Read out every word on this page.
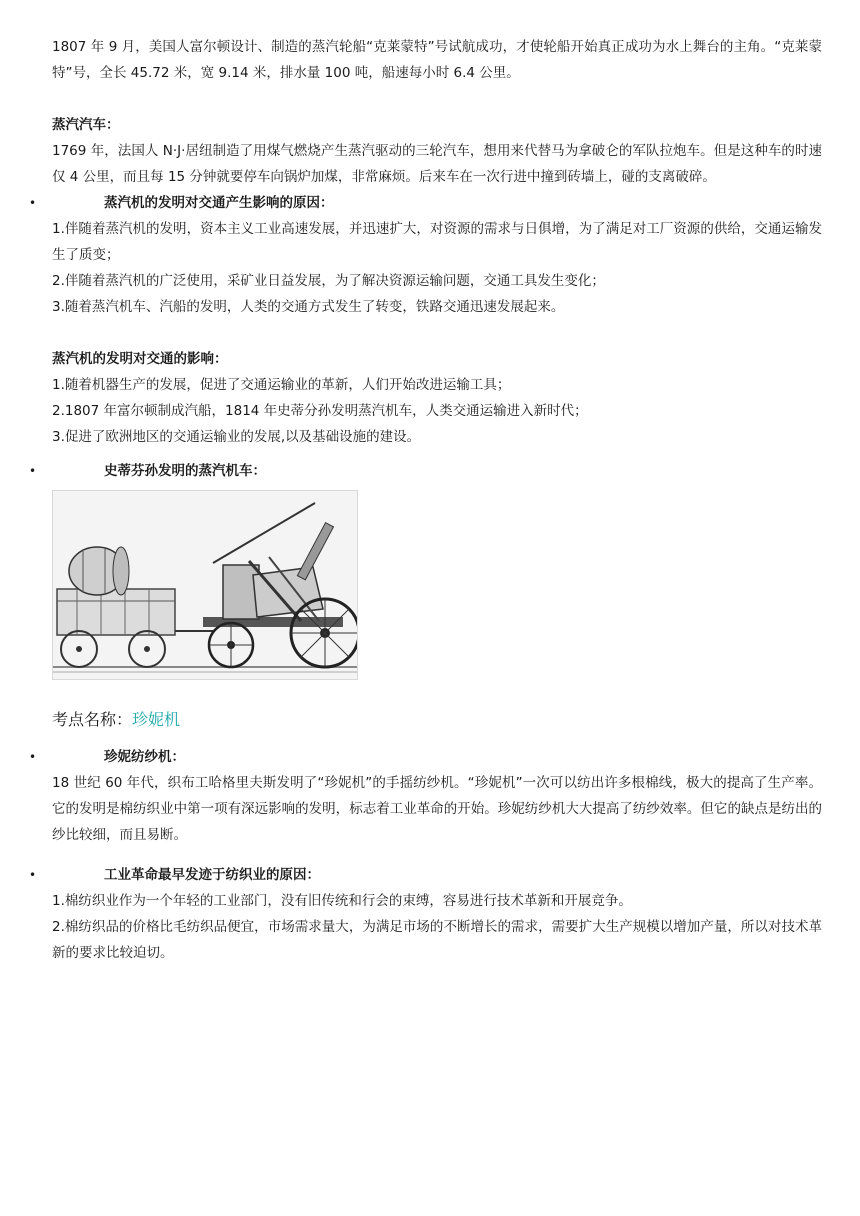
1807 年 9 月，美国人富尔顿设计、制造的蒸汽轮船“克莱蒙特”号试航成功，才使轮船开始真正成功为水上舞台的主角。“克莱蒙特”号，全长 45.72 米，宽 9.14 米，排水量 100 吨，船速每小时 6.4 公里。

蒸汽汽车：

1769 年，法国人 N·J·居纽制造了用煤气燃烧产生蒸汽驱动的三轮汽车，想用来代替马为拿破仑的军队拉炮车。但是这种车的时速仅 4 公里，而且每 15 分钟就要停车向锅炉加煤，非常麻烦。后来车在一次行进中撞到砖墙上，碰的支离破碎。

•	蒸汽机的发明对交通产生影响的原因：

1.伴随着蒸汽机的发明，资本主义工业高速发展，并迅速扩大，对资源的需求与日俱增，为了满足对工厂资源的供给，交通运输发生了质变；

2.伴随着蒸汽机的广泛使用，采矿业日益发展，为了解决资源运输问题，交通工具发生变化；

3.随着蒸汽机车、汽船的发明，人类的交通方式发生了转变，铁路交通迅速发展起来。

蒸汽机的发明对交通的影响：

1.随着机器生产的发展，促进了交通运输业的革新，人们开始改进运输工具；

2.1807 年富尔顿制成汽船，1814 年史蒂分孙发明蒸汽机车，人类交通运输进入新时代；

3.促进了欧洲地区的交通运输业的发展,以及基础设施的建设。

•	史蒂芬孙发明的蒸汽机车：
考点名称：珍妮机
•	珍妮纺纱机：

18 世纪 60 年代，织布工哈格里夫斯发明了“珍妮机”的手摇纺纱机。“珍妮机”一次可以纺出许多根棉线，极大的提高了生产率。它的发明是棉纺织业中第一项有深远影响的发明，标志着工业革命的开始。珍妮纺纱机大大提高了纺纱效率。但它的缺点是纺出的纱比较细，而且易断。

•	工业革命最早发迹于纺织业的原因：

1.棉纺织业作为一个年轻的工业部门，没有旧传统和行会的束缚，容易进行技术革新和开展竞争。

2.棉纺织品的价格比毛纺织品便宜，市场需求量大，为满足市场的不断增长的需求，需要扩大生产规模以增加产量，所以对技术革新的要求比较迫切。
